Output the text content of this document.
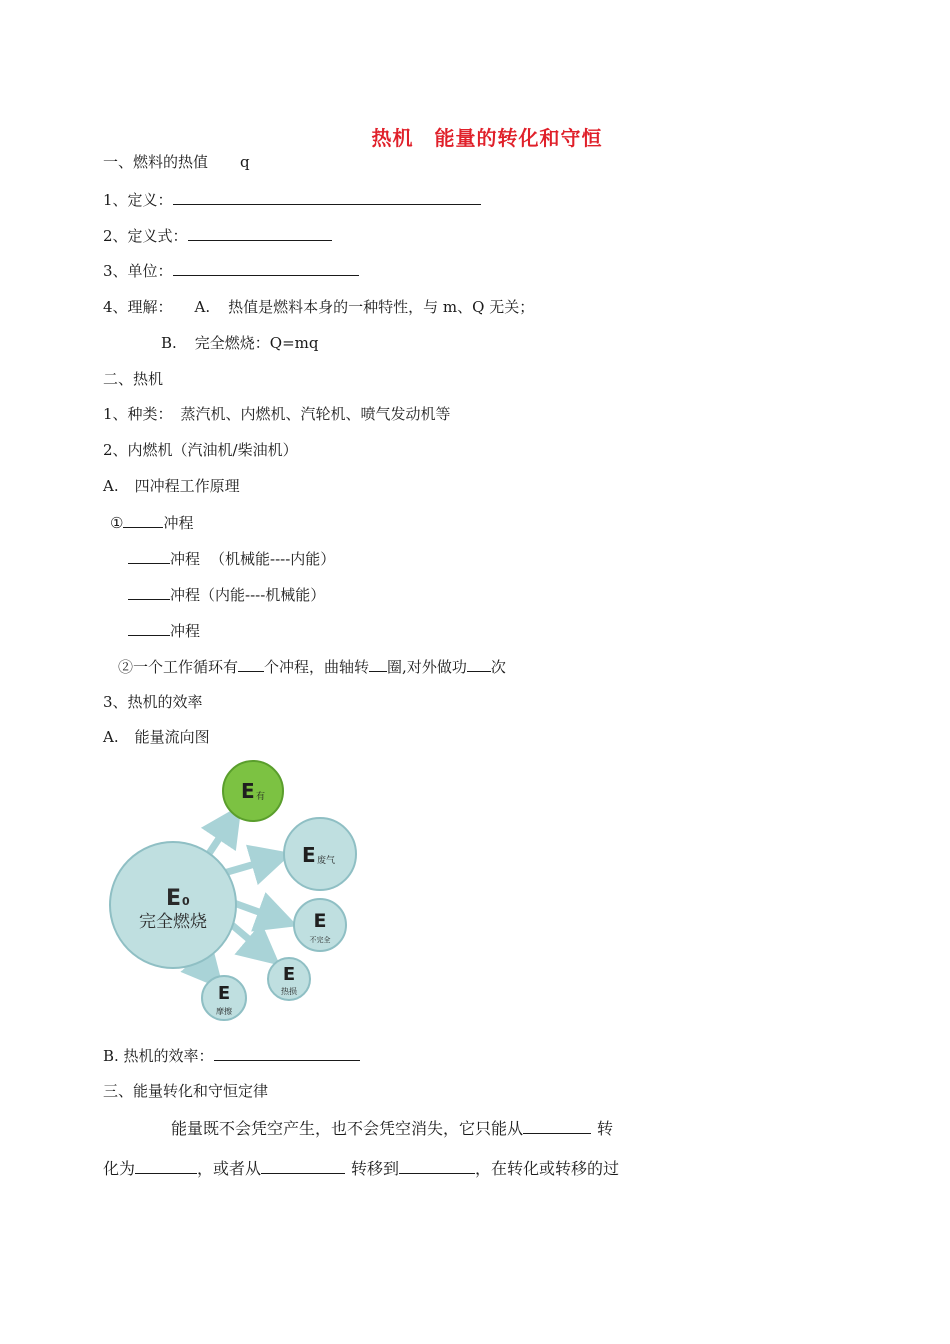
热机　能量的转化和守恒
一、燃料的热值 q
1、定义：
2、定义式：
3、单位：
4、理解： A. 热值是燃料本身的一种特性，与 m、Q 无关；
B. 完全燃烧：Q=mq
二、热机
1、种类： 蒸汽机、内燃机、汽轮机、喷气发动机等
2、内燃机（汽油机/柴油机）
A. 四冲程工作原理
①	冲程
冲程 （机械能----内能）
冲程（内能----机械能）
冲程
②一个工作循环有 个冲程，曲轴转 圈,对外做功 次
3、热机的效率
A. 能量流向图
E 0
完全燃烧
E 有
E 废气
E
不完全
E
热损
E
摩擦
B. 热机的效率：
三、能量转化和守恒定律
能量既不会凭空产生，也不会凭空消失，它只能从	转
化为	，或者从	转移到	，在转化或转移的过
